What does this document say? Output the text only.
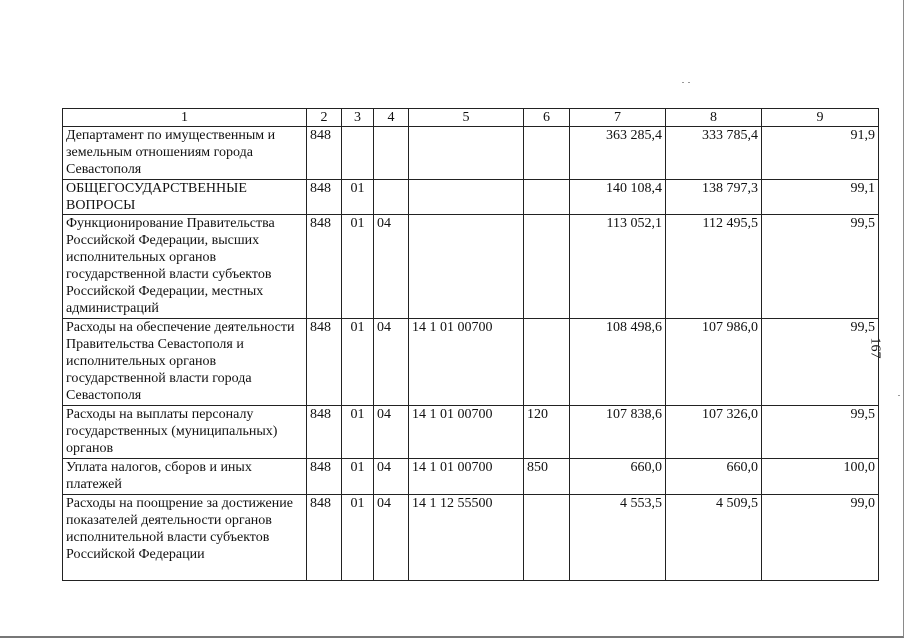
167
1	2	3	4	5	6	7	8	9
Департамент по имущественным и земельным отношениям города Севастополя	848					363 285,4	333 785,4	91,9
ОБЩЕГОСУДАРСТВЕННЫЕ ВОПРОСЫ	848	01				140 108,4	138 797,3	99,1
Функционирование Правительства Российской Федерации, высших исполнительных органов государственной власти субъектов Российской Федерации, местных администраций	848	01	04			113 052,1	112 495,5	99,5
Расходы на обеспечение деятельности Правительства Севастополя и исполнительных органов государственной власти города Севастополя	848	01	04	14 1 01 00700		108 498,6	107 986,0	99,5
Расходы на выплаты персоналу государственных (муниципальных) органов	848	01	04	14 1 01 00700	120	107 838,6	107 326,0	99,5
Уплата налогов, сборов и иных платежей	848	01	04	14 1 01 00700	850	660,0	660,0	100,0
Расходы на поощрение за достижение показателей деятельности органов исполнительной власти субъектов Российской Федерации	848	01	04	14 1 12 55500		4 553,5	4 509,5	99,0
